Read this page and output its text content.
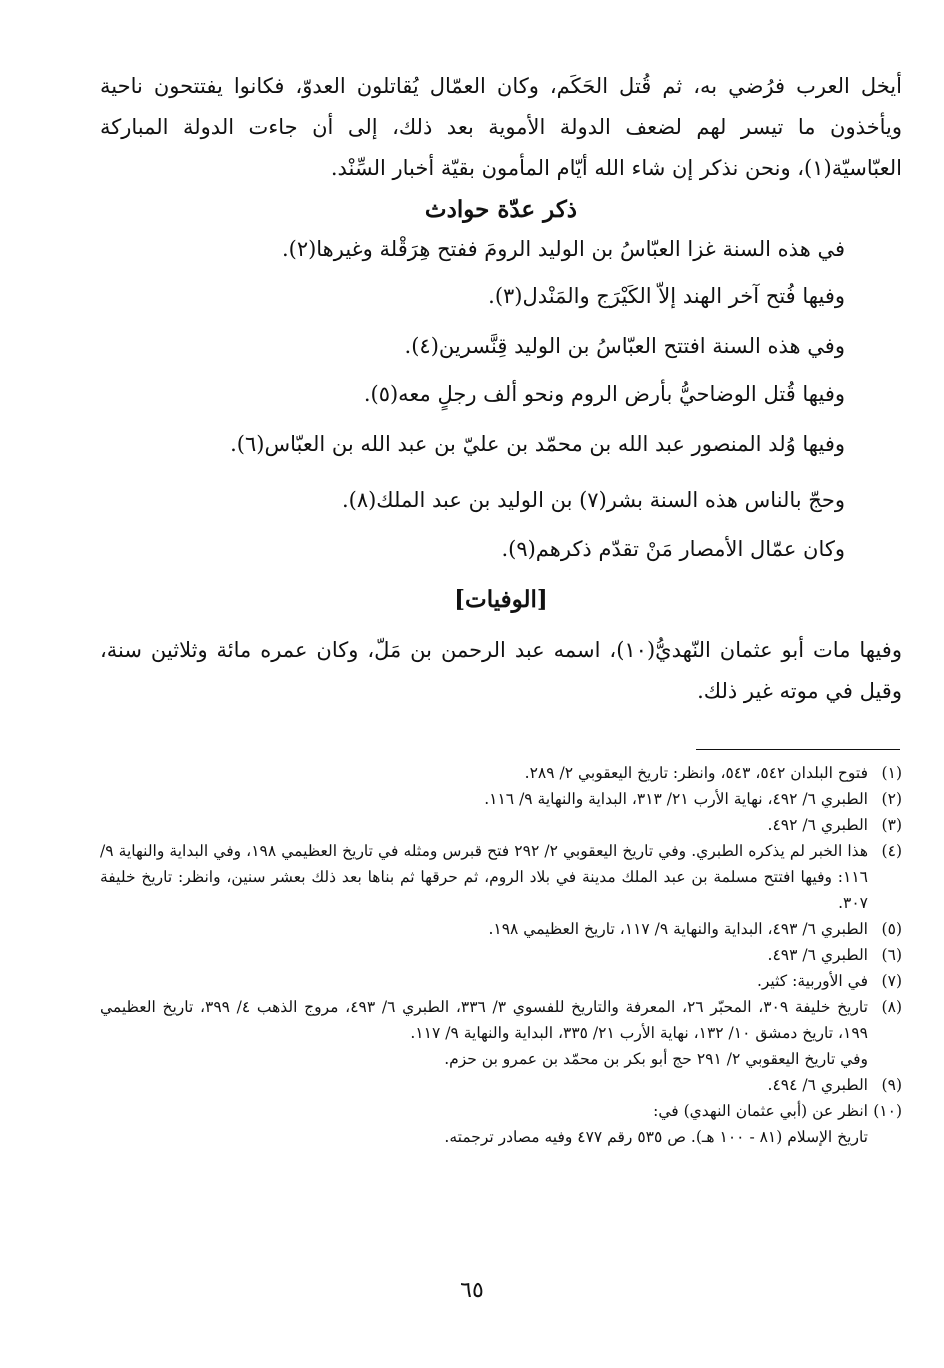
أيخل العرب فرُضي به، ثم قُتل الحَكَم، وكان العمّال يُقاتلون العدوّ، فكانوا يفتتحون ناحية ويأخذون ما تيسر لهم لضعف الدولة الأموية بعد ذلك، إلى أن جاءت الدولة المباركة العبّاسيّة(١)، ونحن نذكر إن شاء الله أيّام المأمون بقيّة أخبار السِّنْد.

ذكر عدّة حوادث

في هذه السنة غزا العبّاسُ بن الوليد الرومَ ففتح هِرَقْلة وغيرها(٢).

وفيها فُتح آخر الهند إلاّ الكَيْرَج والمَنْدل(٣).

وفي هذه السنة افتتح العبّاسُ بن الوليد قِنَّسرين(٤).

وفيها قُتل الوضاحيُّ بأرض الروم ونحو ألف رجلٍ معه(٥).

وفيها وُلد المنصور عبد الله بن محمّد بن عليّ بن عبد الله بن العبّاس(٦).

وحجّ بالناس هذه السنة بشر(٧) بن الوليد بن عبد الملك(٨).

وكان عمّال الأمصار مَنْ تقدّم ذكرهم(٩).

[الوفيات]

وفيها مات أبو عثمان النّهديُّ(١٠)، اسمه عبد الرحمن بن مَلّ، وكان عمره مائة وثلاثين سنة، وقيل في موته غير ذلك.

(١)
فتوح البلدان ٥٤٢، ٥٤٣، وانظر: تاريخ اليعقوبي ٢/ ٢٨٩.
(٢)
الطبري ٦/ ٤٩٢، نهاية الأرب ٢١/ ٣١٣، البداية والنهاية ٩/ ١١٦.
(٣)
الطبري ٦/ ٤٩٢.
(٤)
هذا الخبر لم يذكره الطبري. وفي تاريخ اليعقوبي ٢/ ٢٩٢ فتح قبرس ومثله في تاريخ العظيمي ١٩٨، وفي البداية والنهاية ٩/ ١١٦: وفيها افتتح مسلمة بن عبد الملك مدينة في بلاد الروم، ثم حرقها ثم بناها بعد ذلك بعشر سنين، وانظر: تاريخ خليفة ٣٠٧.
(٥)
الطبري ٦/ ٤٩٣، البداية والنهاية ٩/ ١١٧، تاريخ العظيمي ١٩٨.
(٦)
الطبري ٦/ ٤٩٣.
(٧)
في الأوربية: كثير.
(٨)
تاريخ خليفة ٣٠٩، المحبّر ٢٦، المعرفة والتاريخ للفسوي ٣/ ٣٣٦، الطبري ٦/ ٤٩٣، مروج الذهب ٤/ ٣٩٩، تاريخ العظيمي ١٩٩، تاريخ دمشق ١٠/ ١٣٢، نهاية الأرب ٢١/ ٣٣٥، البداية والنهاية ٩/ ١١٧.
وفي تاريخ اليعقوبي ٢/ ٢٩١ حج أبو بكر بن محمّد بن عمرو بن حزم.
(٩)
الطبري ٦/ ٤٩٤.
(١٠)
انظر عن (أبي عثمان النهدي) في:
تاريخ الإسلام (٨١ - ١٠٠ هـ). ص ٥٣٥ رقم ٤٧٧ وفيه مصادر ترجمته.

٦٥
